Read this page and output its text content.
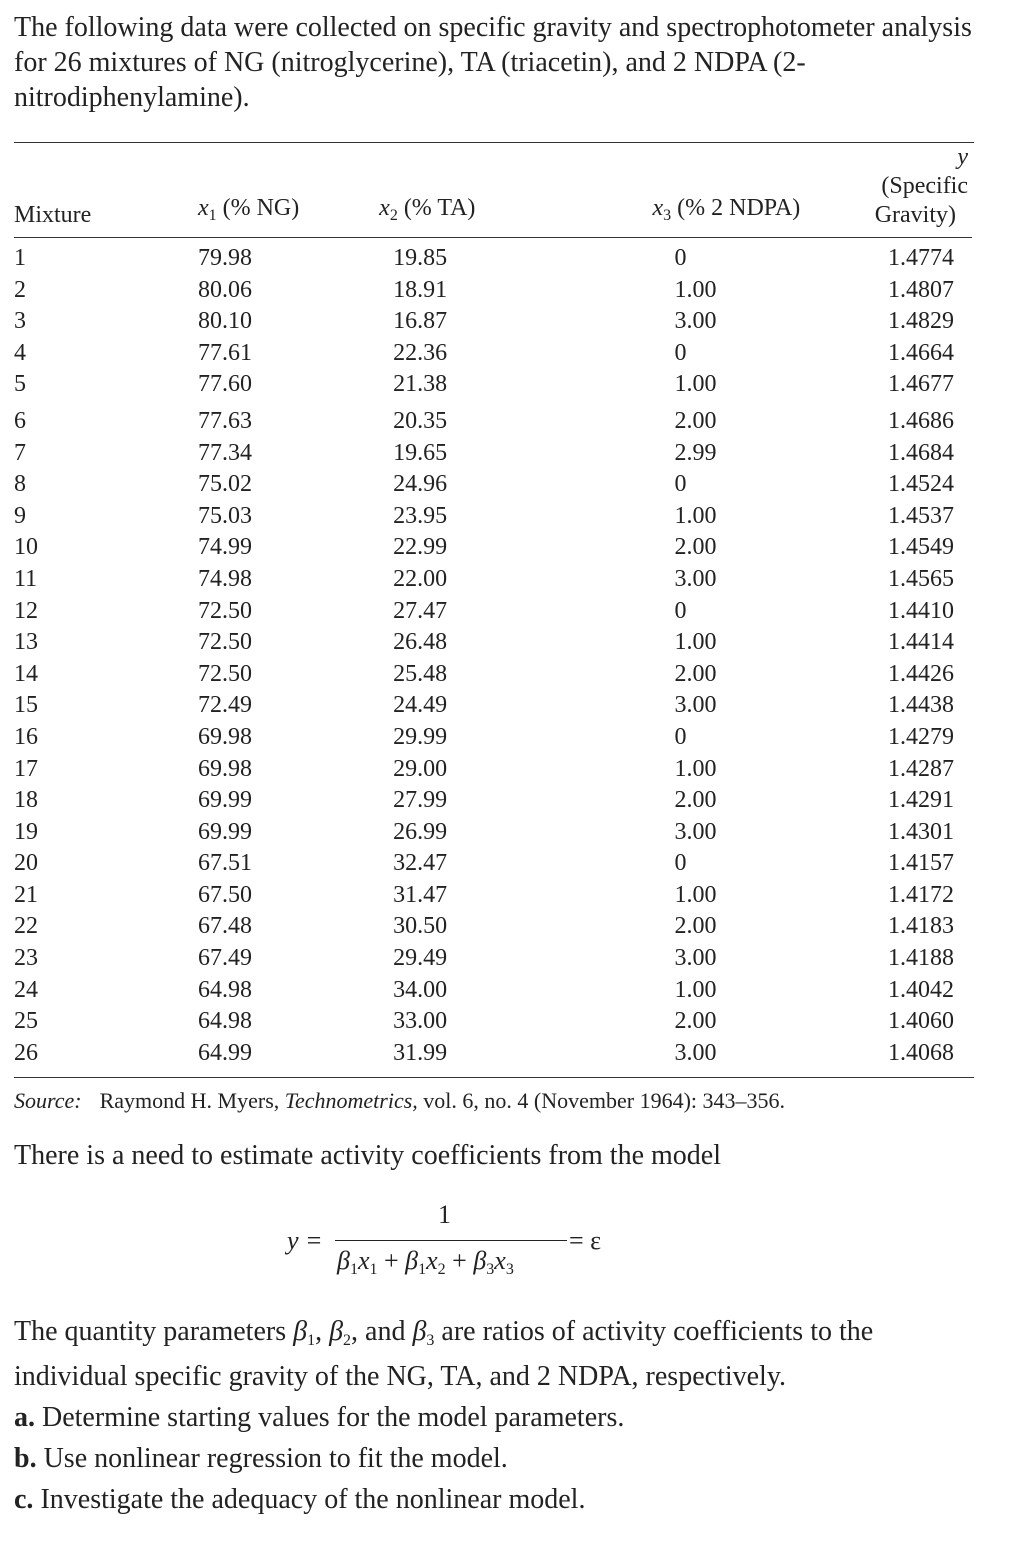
The following data were collected on specific gravity and spectrophotometer analysis for 26 mixtures of NG (nitroglycerine), TA (triacetin), and 2 NDPA (2-nitrodiphenylamine).

Mixture	$x_1$ (% NG)	$x_2$ (% TA)	$x_3$ (% 2 NDPA)	y (Specific
Gravity)

1	79.98	19.85	0	1.4774
2	80.06	18.91	1.00	1.4807
3	80.10	16.87	3.00	1.4829
4	77.61	22.36	0	1.4664
5	77.60	21.38	1.00	1.4677
6	77.63	20.35	2.00	1.4686
7	77.34	19.65	2.99	1.4684
8	75.02	24.96	0	1.4524
9	75.03	23.95	1.00	1.4537
10	74.99	22.99	2.00	1.4549
11	74.98	22.00	3.00	1.4565
12	72.50	27.47	0	1.4410
13	72.50	26.48	1.00	1.4414
14	72.50	25.48	2.00	1.4426
15	72.49	24.49	3.00	1.4438
16	69.98	29.99	0	1.4279
17	69.98	29.00	1.00	1.4287
18	69.99	27.99	2.00	1.4291
19	69.99	26.99	3.00	1.4301
20	67.51	32.47	0	1.4157
21	67.50	31.47	1.00	1.4172
22	67.48	30.50	2.00	1.4183
23	67.49	29.49	3.00	1.4188
24	64.98	34.00	1.00	1.4042
25	64.98	33.00	2.00	1.4060
26	64.99	31.99	3.00	1.4068

Source: Raymond H. Myers, Technometrics, vol. 6, no. 4 (November 1964): 343–356.

There is a need to estimate activity coefficients from the model

y =
1
$\beta_1x_1 + \beta_1x_2 + \beta_3x_3$
= ε

The quantity parameters $\beta_1$, $\beta_2$, and $\beta_3$ are ratios of activity coefficients to the individual specific gravity of the NG, TA, and 2 NDPA, respectively.

a. Determine starting values for the model parameters.

b. Use nonlinear regression to fit the model.

c. Investigate the adequacy of the nonlinear model.
